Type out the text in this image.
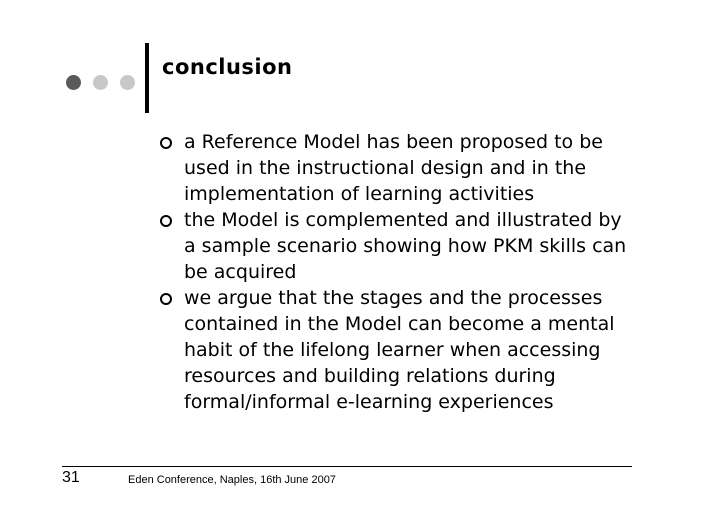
conclusion
a Reference Model has been proposed to be used in the instructional design and in the implementation of learning activities
the Model is complemented and illustrated by a sample scenario showing how PKM skills can be acquired
we argue that the stages and the processes contained in the Model can become a mental habit of the lifelong learner when accessing resources and building relations during formal/informal e-learning experiences
31	Eden Conference, Naples, 16th June 2007
